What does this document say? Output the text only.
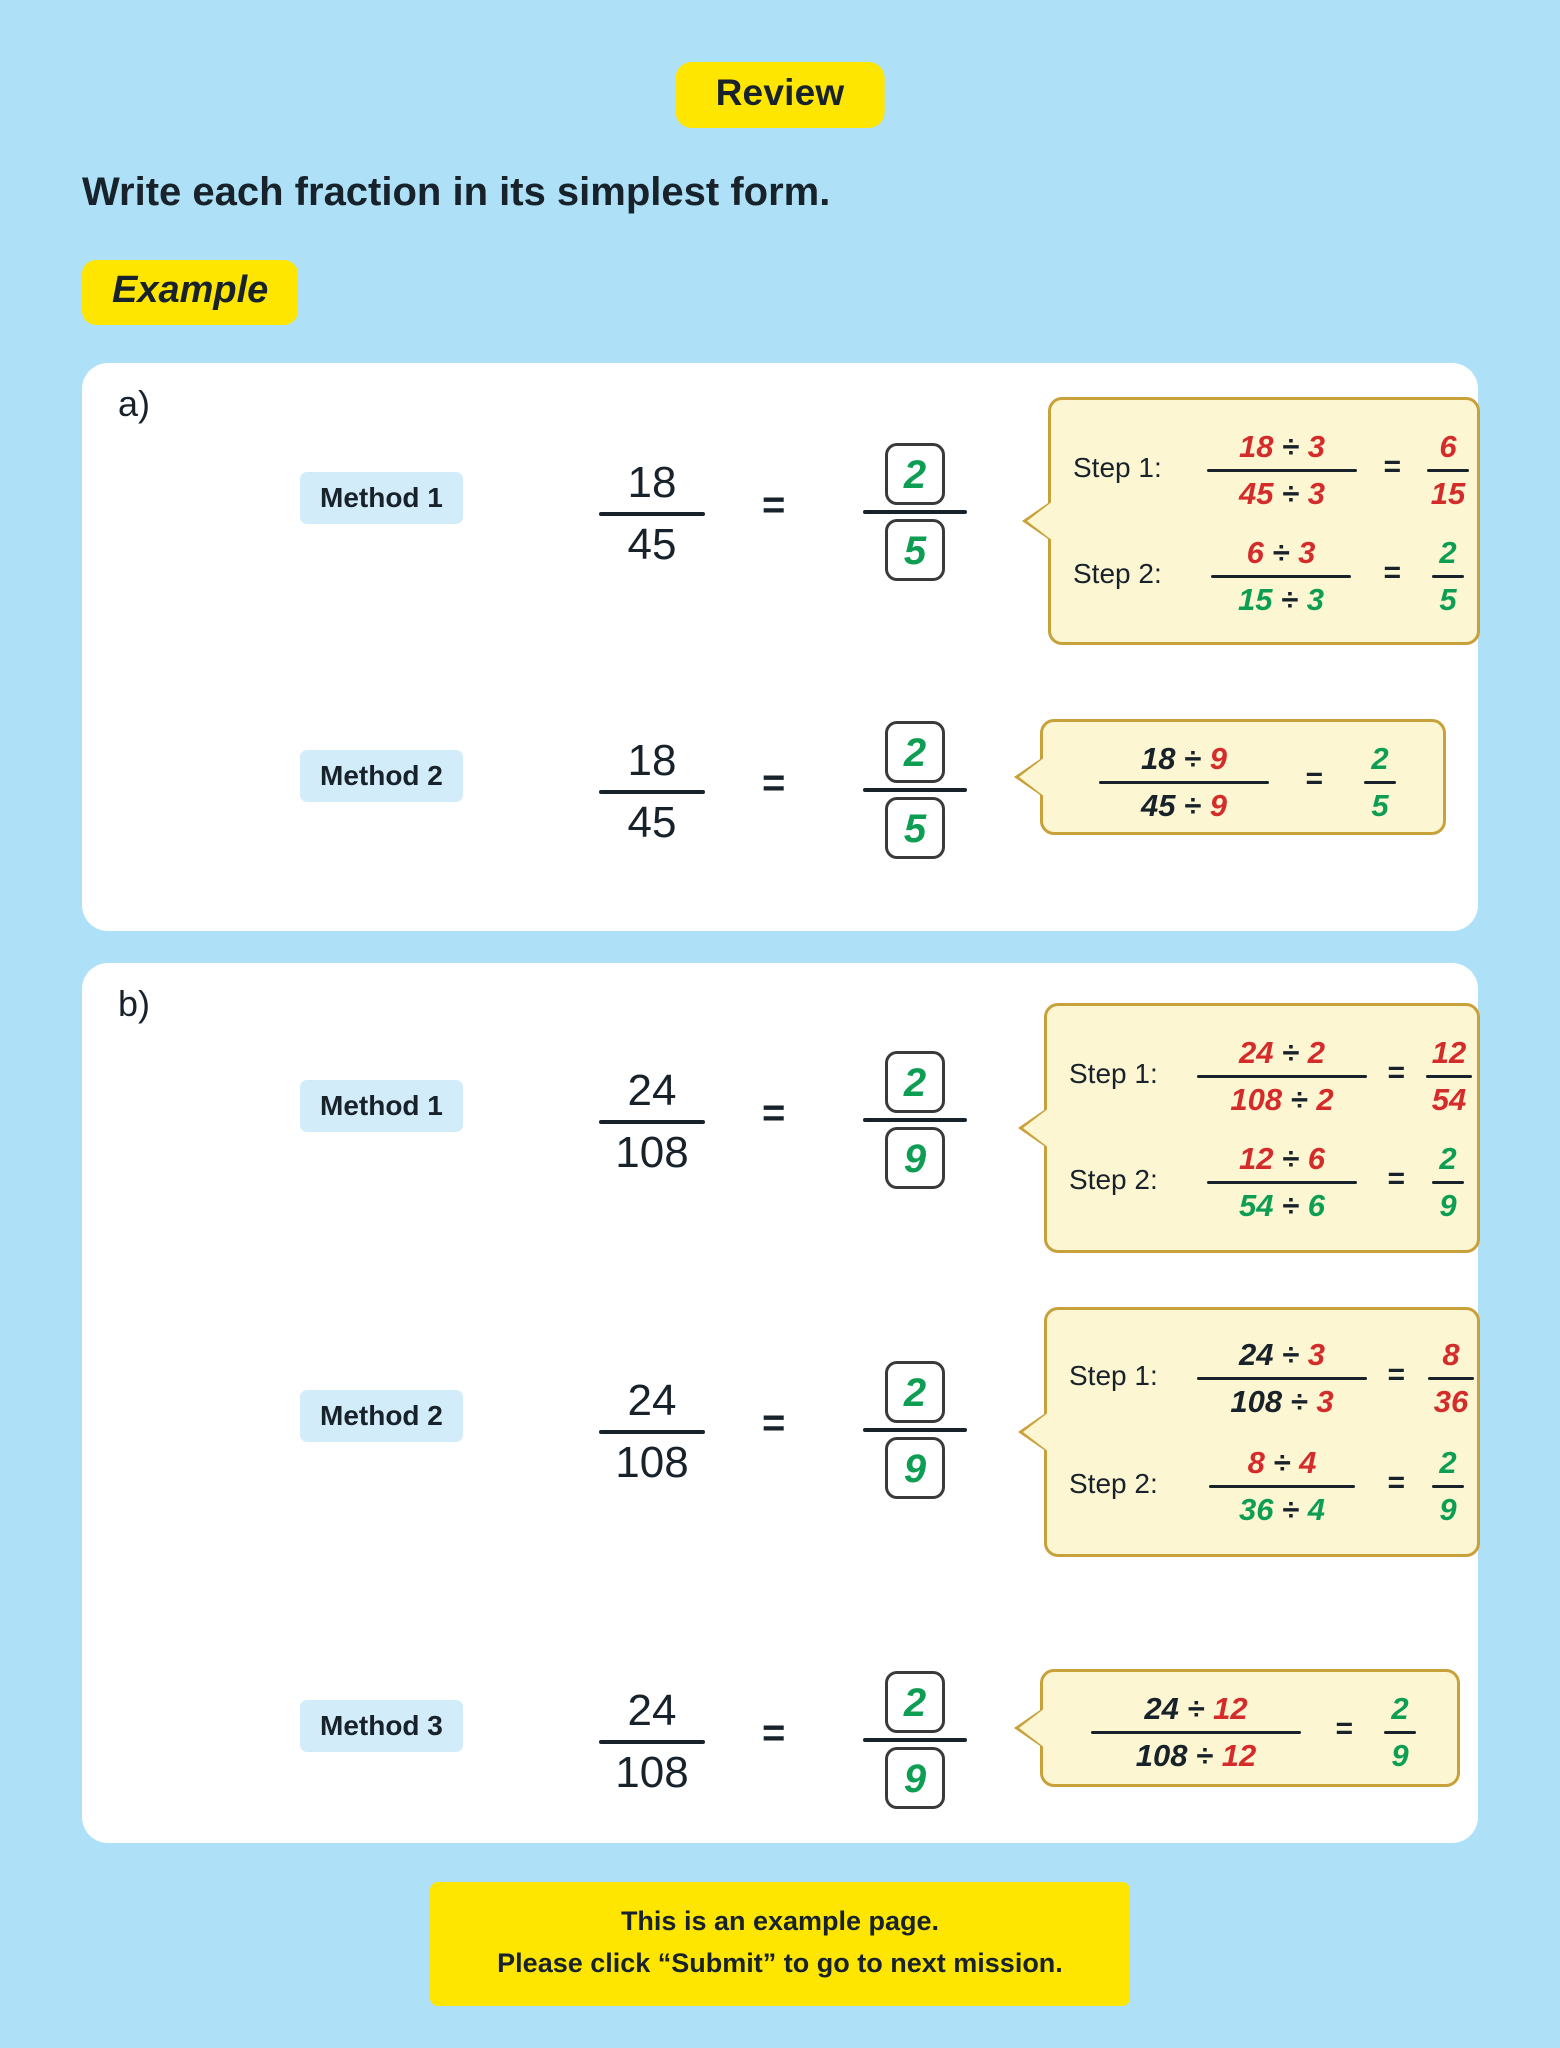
Review
Write each fraction in its simplest form.
Example
a)
Method 1	18
45
= $\frac{2}{5}$	Step 1:
18 ÷ 3
45 ÷ 3
=
6
15
Step 2:
6 ÷ 3
15 ÷ 3
=
2
5
Method 2	18
45
= $\frac{2}{5}$	18 ÷ 9
45 ÷ 9
=
2
5
b)
Method 1	24
108
= $\frac{2}{9}$	Step 1:
24 ÷ 2
108 ÷ 2
=
12
54
Step 2:
12 ÷ 6
54 ÷ 6
=
2
9
Method 2	24
108
= $\frac{2}{9}$	Step 1:
24 ÷ 3
108 ÷ 3
=
8
36
Step 2:
8 ÷ 4
36 ÷ 4
=
2
9
Method 3	24
108
= $\frac{2}{9}$	24 ÷ 12
108 ÷ 12
=
2
9
This is an example page.
Please click “Submit” to go to next mission.
